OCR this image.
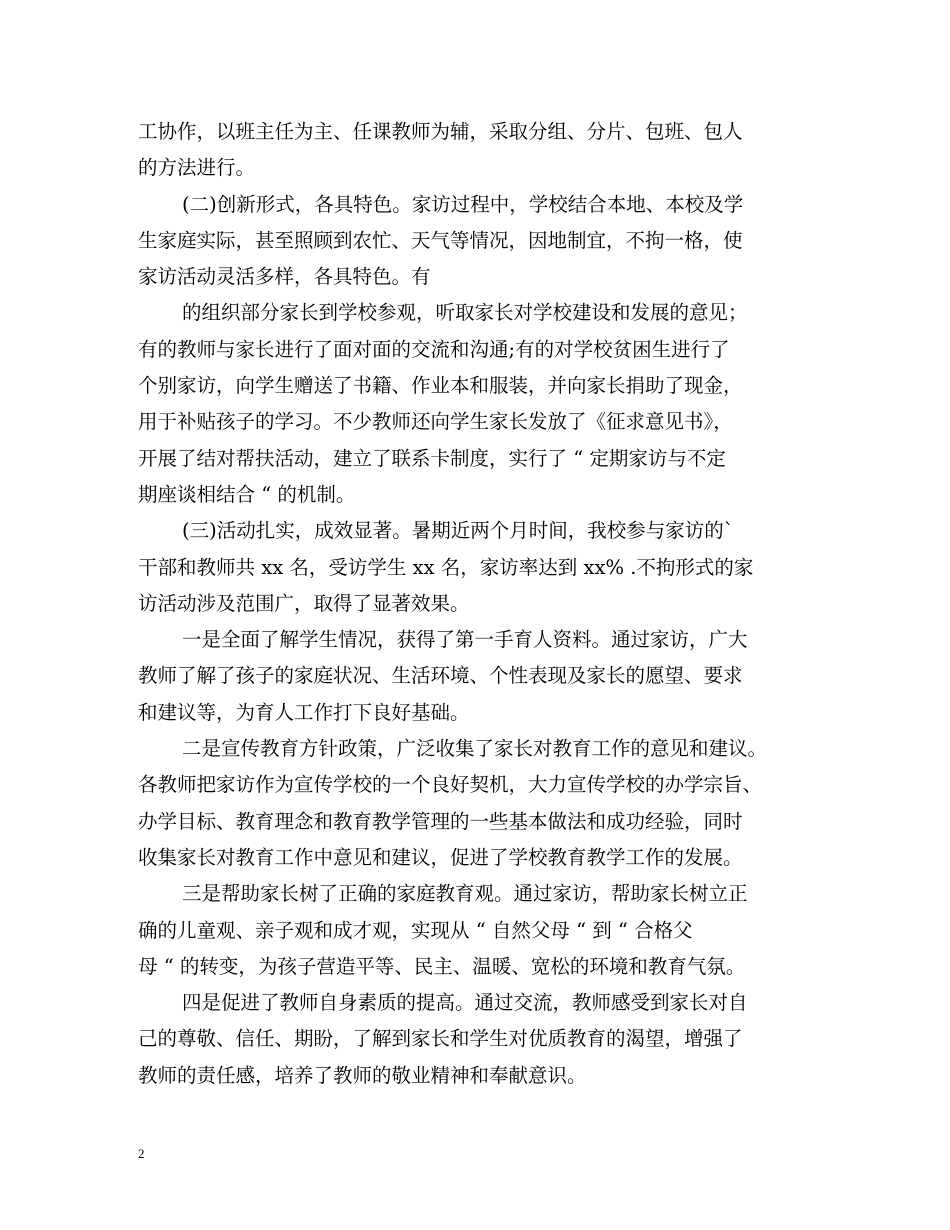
工协作，以班主任为主、任课教师为辅，采取分组、分片、包班、包人
的方法进行。
(二)创新形式，各具特色。家访过程中，学校结合本地、本校及学
生家庭实际，甚至照顾到农忙、天气等情况，因地制宜，不拘一格，使
家访活动灵活多样，各具特色。有
的组织部分家长到学校参观，听取家长对学校建设和发展的意见；
有的教师与家长进行了面对面的交流和沟通;有的对学校贫困生进行了
个别家访，向学生赠送了书籍、作业本和服装，并向家长捐助了现金，
用于补贴孩子的学习。不少教师还向学生家长发放了《征求意见书》，
开展了结对帮扶活动，建立了联系卡制度，实行了 “ 定期家访与不定
期座谈相结合 “ 的机制。
(三)活动扎实，成效显著。暑期近两个月时间，我校参与家访的`
干部和教师共 xx 名，受访学生 xx 名，家访率达到 xx% .不拘形式的家
访活动涉及范围广，取得了显著效果。
一是全面了解学生情况，获得了第一手育人资料。通过家访，广大
教师了解了孩子的家庭状况、生活环境、个性表现及家长的愿望、要求
和建议等，为育人工作打下良好基础。
二是宣传教育方针政策，广泛收集了家长对教育工作的意见和建议。
各教师把家访作为宣传学校的一个良好契机，大力宣传学校的办学宗旨、
办学目标、教育理念和教育教学管理的一些基本做法和成功经验，同时
收集家长对教育工作中意见和建议，促进了学校教育教学工作的发展。
三是帮助家长树了正确的家庭教育观。通过家访，帮助家长树立正
确的儿童观、亲子观和成才观，实现从 “ 自然父母 “ 到 “ 合格父
母 “ 的转变，为孩子营造平等、民主、温暖、宽松的环境和教育气氛。
四是促进了教师自身素质的提高。通过交流，教师感受到家长对自
己的尊敬、信任、期盼，了解到家长和学生对优质教育的渴望，增强了
教师的责任感，培养了教师的敬业精神和奉献意识。
2
